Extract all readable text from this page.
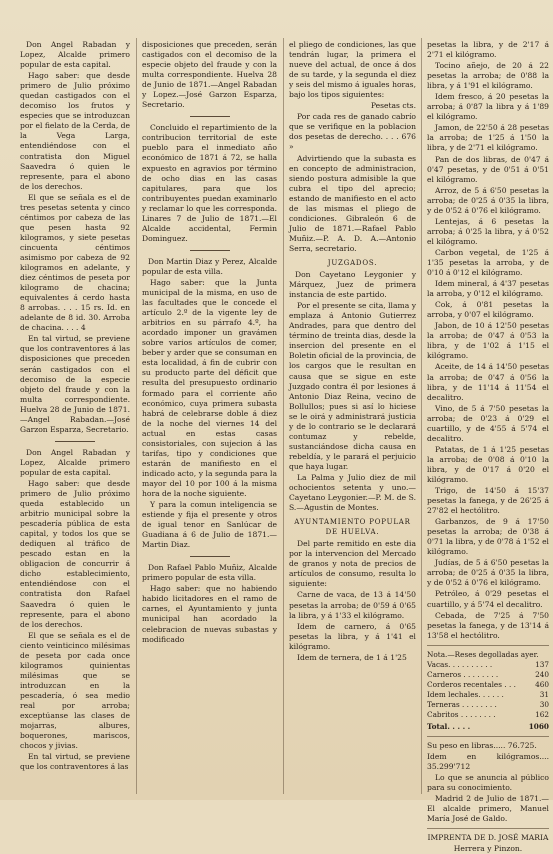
Don Angel Rabadan y Lopez, Alcalde primero popular de esta capital.

Hago saber: que desde primero de Julio próximo quedan castigados con el decomiso los frutos y especies que se introduzcan por el fielato de la Cerda, de la Vega Larga, entendiéndose con el contratista don Miguel Saavedra ó quien le represente, para el abono de los derechos.

El que se señala es el de tres pesetas setenta y cinco céntimos por cabeza de las que pesen hasta 92 kilogramos, y siete pesetas cincuenta céntimos asimismo por cabeza de 92 kilogramos en adelante, y diez céntimos de peseta por kilogramo de chacina; equivalentes á cerdo hasta 8 arrobas. . . . 15 rs. Id. en adelante de 8 id. 30. Arroba de chacina. . . . 4

En tal virtud, se previene que los contraventores á las disposiciones que preceden serán castigados con el decomiso de la especie objeto del fraude y con la multa correspondiente. Huelva 28 de Junio de 1871.—Angel Rabadan.—José Garzon Esparza, Secretario.

Don Angel Rabadan y Lopez, Alcalde primero popular de esta capital.

Hago saber: que desde primero de Julio próximo queda establecido un arbitrio municipal sobre la pescadería pública de esta capital, y todos los que se dediquen al tráfico de pescado estan en la obligacion de concurrir á dicho establecimiento, entendiéndose con el contratista don Rafael Saavedra ó quien le represente, para el abono de los derechos.

El que se señala es el de ciento veinticinco milésimas de peseta por cada once kilogramos quinientas milésimas que se introduzcan en la pescadería, ó sea medio real por arroba; exceptúanse las clases de mojarras, albures, boquerones, mariscos, chocos y jivias.

En tal virtud, se previene que los contraventores á las

disposiciones que preceden, serán castigados con el decomiso de la especie objeto del fraude y con la multa correspondiente. Huelva 28 de Junio de 1871.—Angel Rabadan y Lopez.—José Garzon Esparza, Secretario.

Concluido el repartimiento de la contribucion territorial de este pueblo para el inmediato año económico de 1871 á 72, se halla expuesto en agravios por término de ocho dias en las casas capitulares, para que los contribuyentes puedan examinarlo y reclamar lo que les corresponda. Linares 7 de Julio de 1871.—El Alcalde accidental, Fermin Dominguez.

Don Martin Diaz y Perez, Alcalde popular de esta villa.

Hago saber: que la Junta municipal de la misma, en uso de las facultades que le concede el artículo 2.º de la vigente ley de arbitrios en su párrafo 4.º, ha acordado imponer un gravámen sobre varios artículos de comer, beber y arder que se consuman en esta localidad, á fin de cubrir con su producto parte del déficit que resulta del presupuesto ordinario formado para el corriente año económico, cuya primera subasta habrá de celebrarse doble á diez de la noche del viernes 14 del actual en estas casas consistoriales, con sujecion á las tarifas, tipo y condiciones que estarán de manifiesto en el indicado acto, y la segunda para la mayor del 10 por 100 á la misma hora de la noche siguiente.

Y para la comun inteligencia se estiende y fija el presente y otros de igual tenor en Sanlúcar de Guadiana á 6 de Julio de 1871.—Martin Diaz.

Don Rafael Pablo Muñiz, Alcalde primero popular de esta villa.

Hago saber: que no habiendo habido licitadores en el ramo de carnes, el Ayuntamiento y junta municipal han acordado la celebracion de nuevas subastas y modificado

el pliego de condiciones, las que tendrán lugar, la primera el nueve del actual, de once á dos de su tarde, y la segunda el diez y seis del mismo á iguales horas, bajo los tipos siguientes:

Pesetas cts.

Por cada res de ganado cabrío que se verifique en la poblacion dos pesetas de derecho. . . . 676 »

Advirtiendo que la subasta es en concepto de administracion, siendo postura admisible la que cubra el tipo del aprecio; estando de manifiesto en el acto de las mismas el pliego de condiciones. Gibraleón 6 de Julio de 1871.—Rafael Pablo Muñiz.—P. A. D. A.—Antonio Serra, secretario.

JUZGADOS.

Don Cayetano Leygonier y Márquez, Juez de primera instancia de este partido.

Por el presente se cita, llama y emplaza á Antonio Gutierrez Andrades, para que dentro del término de treinta dias, desde la insercion del presente en el Boletin oficial de la provincia, de los cargos que le resultan en causa que se sigue en este Juzgado contra él por lesiones á Antonio Diaz Reina, vecino de Bollullos; pues si así lo hiciese se le oirá y administrará justicia y de lo contrario se le declarará contumaz y rebelde, sustanciándose dicha causa en rebeldía, y le parará el perjuicio que haya lugar.

La Palma y Julio diez de mil ochocientos setenta y uno.—Cayetano Leygonier.—P. M. de S. S.—Agustin de Montes.

AYUNTAMIENTO POPULAR DE HUELVA.

Del parte remitido en este dia por la intervencion del Mercado de granos y nota de precios de artículos de consumo, resulta lo siguiente:

Carne de vaca, de 13 á 14'50 pesetas la arroba; de 0'59 á 0'65 la libra, y á 1'33 el kilógramo.

Idem de carnero, á 0'65 pesetas la libra, y á 1'41 el kilógramo.

Idem de ternera, de 1 á 1'25

pesetas la libra, y de 2'17 á 2'71 el kilógramo.

Tocino añejo, de 20 á 22 pesetas la arroba; de 0'88 la libra, y á 1'91 el kilógramo.

Idem fresco, á 20 pesetas la arroba; á 0'87 la libra y á 1'89 el kilógramo.

Jamon, de 22'50 á 28 pesetas la arroba; de 1'25 á 1'50 la libra, y de 2'71 el kilógramo.

Pan de dos libras, de 0'47 á 0'47 pesetas, y de 0'51 á 0'51 el kilógramo.

Arroz, de 5 á 6'50 pesetas la arroba; de 0'25 á 0'35 la libra, y de 0'52 á 0'76 el kilógramo.

Lentejas, á 6 pesetas la arroba; á 0'25 la libra, y á 0'52 el kilógramo.

Carbon vegetal, de 1'25 á 1'35 pesetas la arroba, y de 0'10 á 0'12 el kilógramo.

Idem mineral, á 4'37 pesetas la arroba, y 0'12 el kilógramo.

Cok, á 0'81 pesetas la arroba, y 0'07 el kilógramo.

Jabon, de 10 á 12'50 pesetas la arroba; de 0'47 á 0'53 la libra, y de 1'02 á 1'15 el kilógramo.

Aceite, de 14 á 14'50 pesetas la arroba; de 0'47 á 0'56 la libra, y de 11'14 á 11'54 el decalitro.

Vino, de 5 á 7'50 pesetas la arroba; de 0'23 á 0'29 el cuartillo, y de 4'55 á 5'74 el decalitro.

Patatas, de 1 á 1'25 pesetas la arroba; de 0'08 á 0'10 la libra, y de 0'17 á 0'20 el kilógramo.

Trigo, de 14'50 á 15'37 pesetas la fanega, y de 26'25 á 27'82 el hectólitro.

Garbanzos, de 9 á 17'50 pesetas la arroba; de 0'38 á 0'71 la libra, y de 0'78 á 1'52 el kilógramo.

Judías, de 5 á 6'50 pesetas la arroba; de 0'25 á 0'35 la libra, y de 0'52 á 0'76 el kilógramo.

Petróleo, á 0'29 pesetas el cuartillo, y á 5'74 el decalitro.

Cebada, de 7'25 á 7'50 pesetas la fanega, y de 13'14 á 13'58 el hectólitro.

Nota.—Reses degolladas ayer.
Vacas. . . . . . . . . .	137
Carneros . . . . . . . .	240
Corderos recentales . . .	460
Idem lechales. . . . . .	31
Terneras . . . . . . . .	30
Cabritos . . . . . . . .	162
Total. . . . .	1060

Su peso en libras..... 76.725.

Idem en kilógramos.... 35.299'712

Lo que se anuncia al público para su conocimiento.

Madrid 2 de Julio de 1871.—El alcalde primero, Manuel María José de Galdo.

IMPRENTA DE D. JOSÉ MARIA Herrera y Pinzon.
